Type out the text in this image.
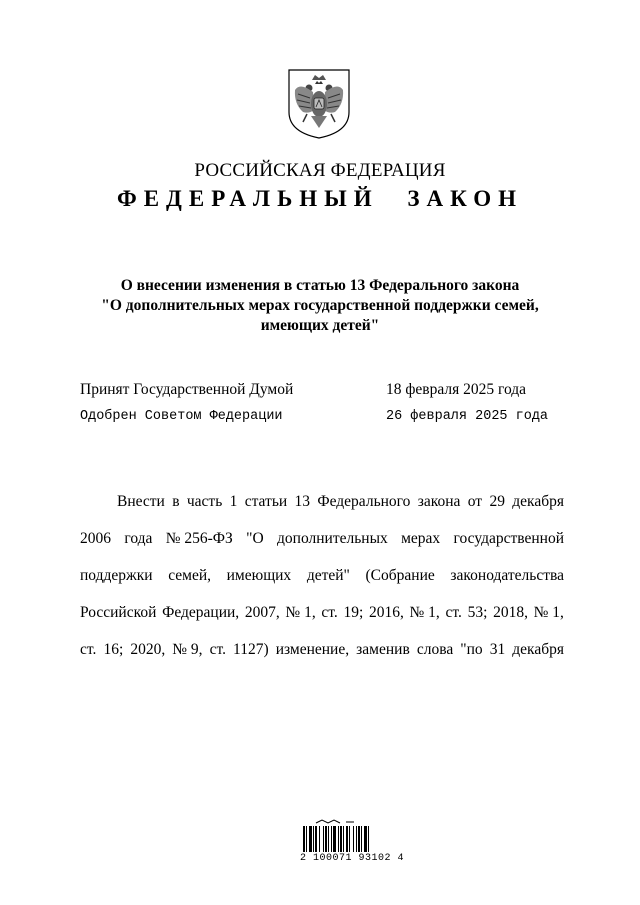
РОССИЙСКАЯ ФЕДЕРАЦИЯ
ФЕДЕРАЛЬНЫЙ ЗАКОН
О внесении изменения в статью 13 Федерального закона
"О дополнительных мерах государственной поддержки семей,
имеющих детей"
Принят Государственной Думой	18 февраля 2025 года
Одобрен Советом Федерации	26 февраля 2025 года
Внести в часть 1 статьи 13 Федерального закона от 29 декабря
2006 года № 256-ФЗ "О дополнительных мерах государственной
поддержки семей, имеющих детей" (Собрание законодательства
Российской Федерации, 2007, № 1, ст. 19; 2016, № 1, ст. 53; 2018, № 1,
ст. 16; 2020, № 9, ст. 1127) изменение, заменив слова "по 31 декабря
2 100071 93102 4
